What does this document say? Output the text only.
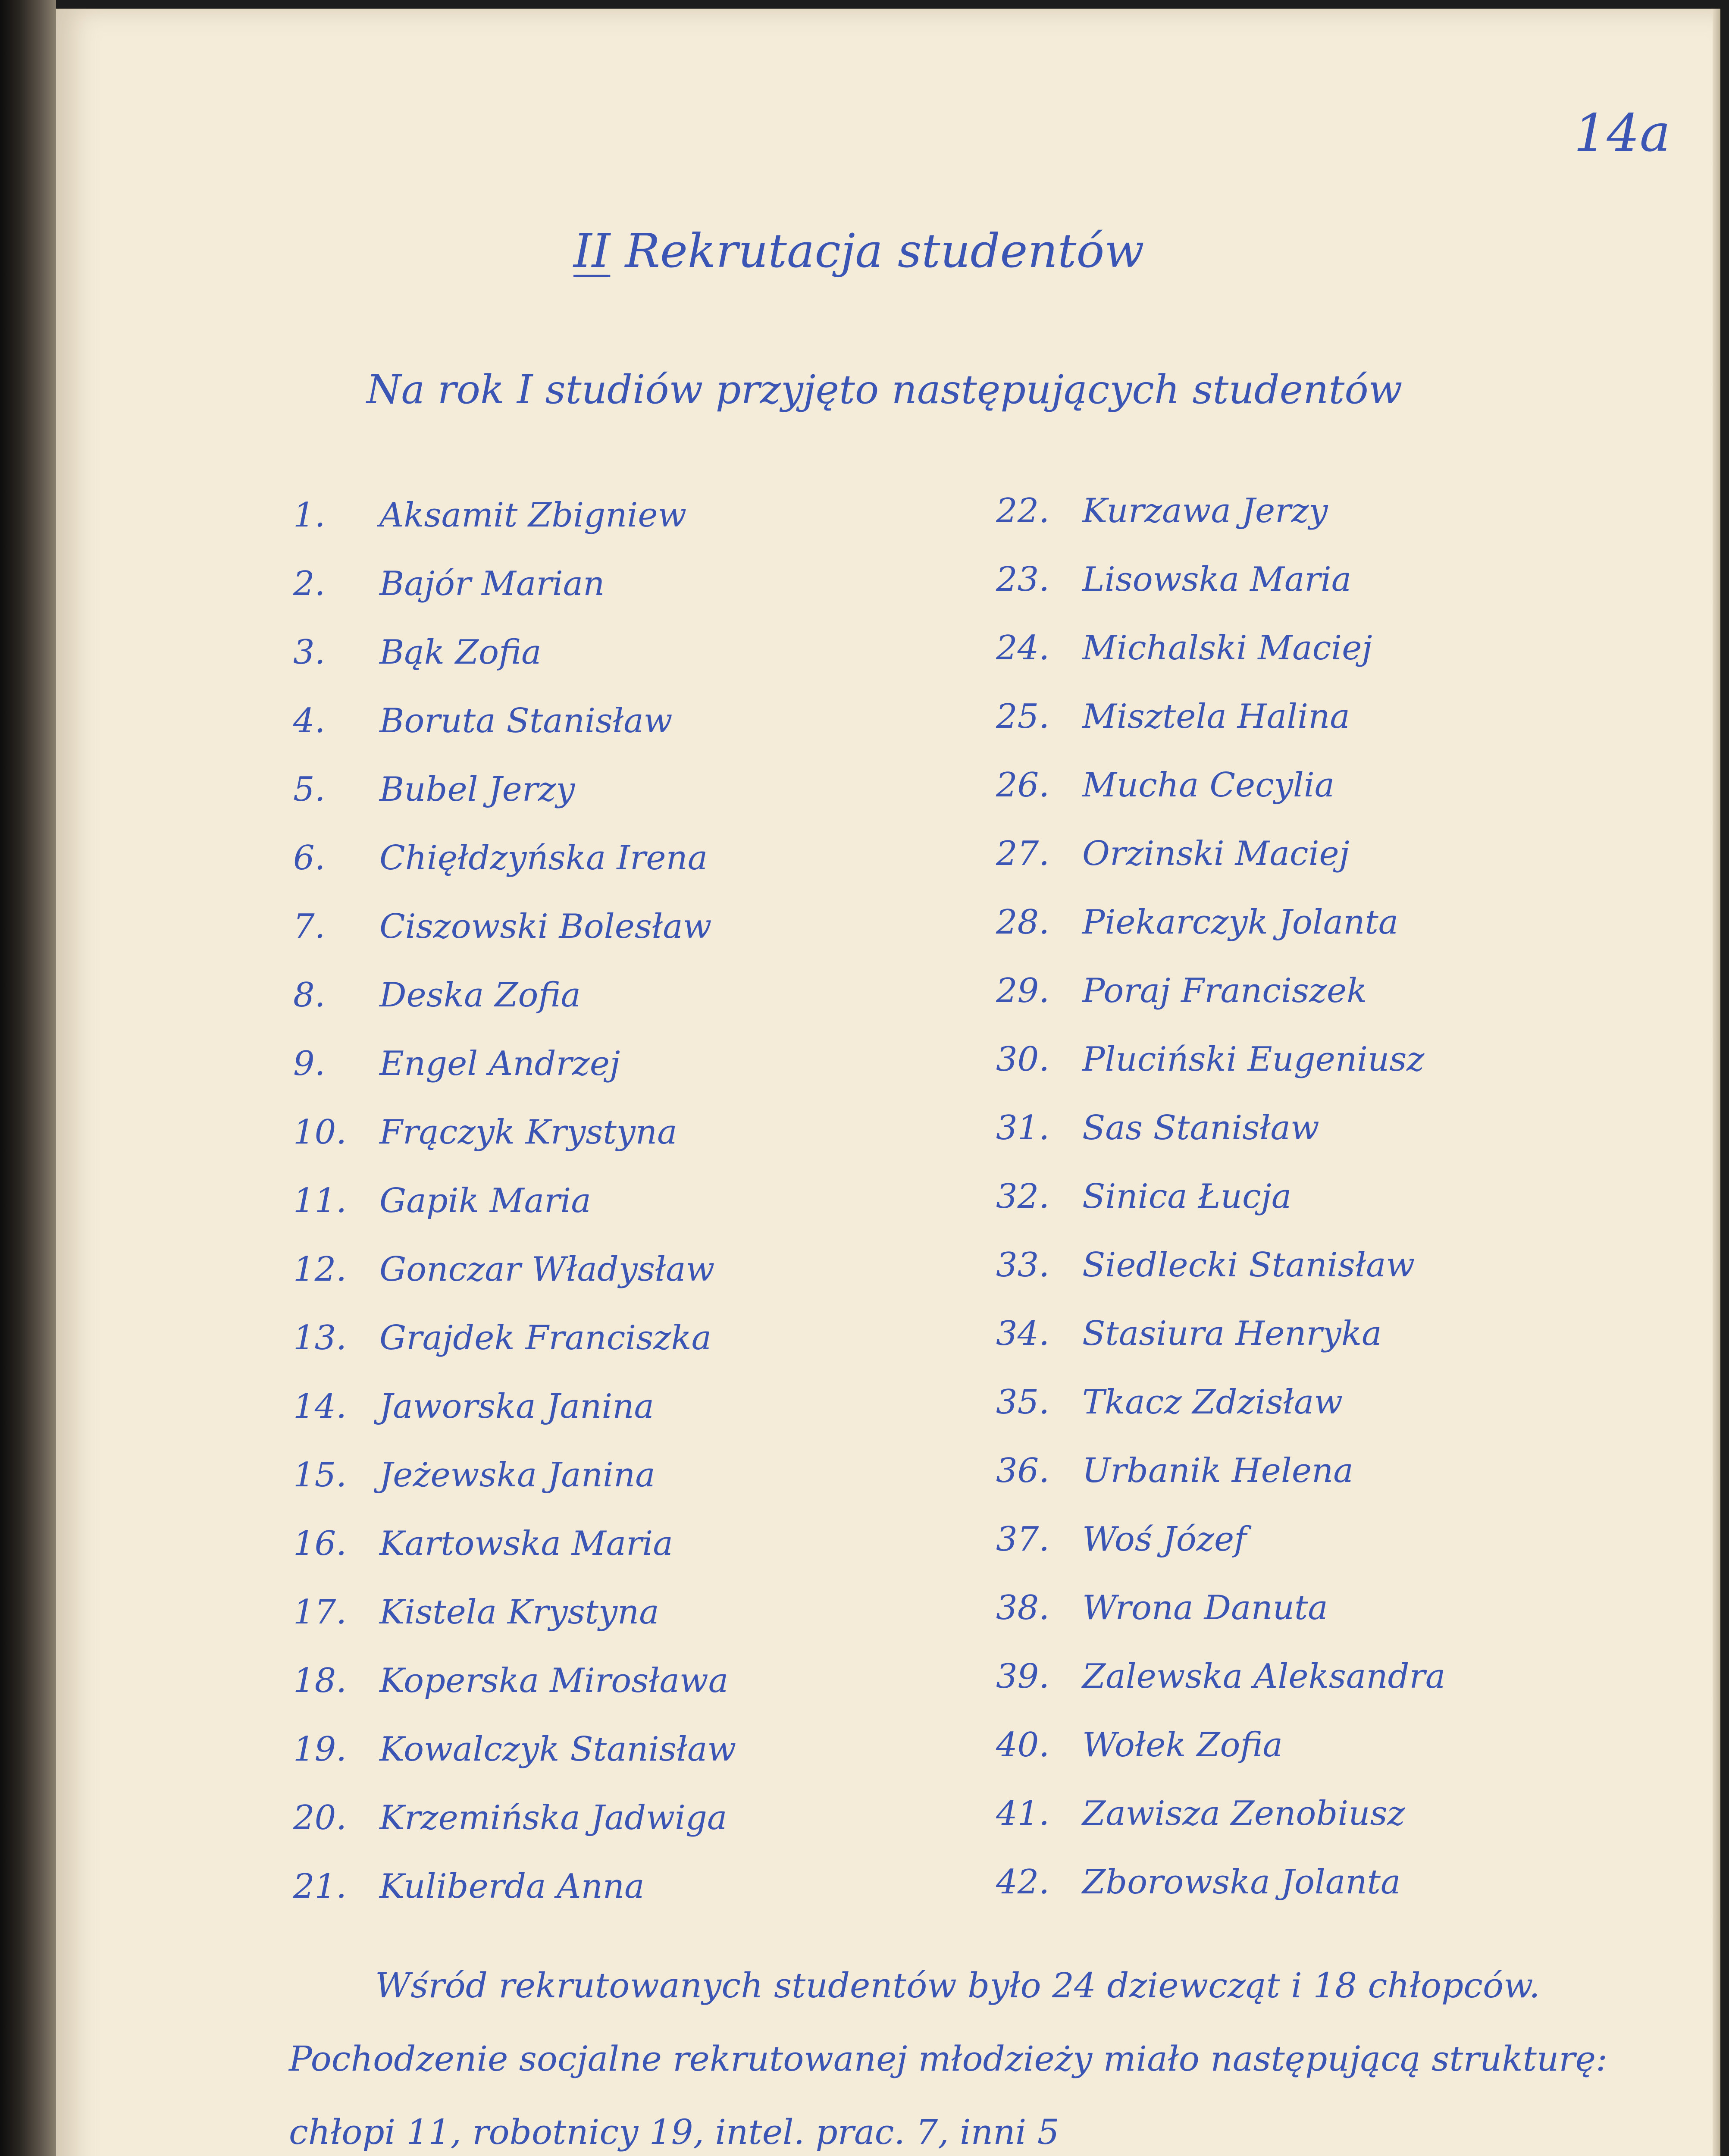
14a
II Rekrutacja studentów
Na rok I studiów przyjęto następujących studentów
1. Aksamit Zbigniew
2. Bajór Marian
3. Bąk Zofia
4. Boruta Stanisław
5. Bubel Jerzy
6. Chięłdzyńska Irena
7. Ciszowski Bolesław
8. Deska Zofia
9. Engel Andrzej
10. Frączyk Krystyna
11. Gapik Maria
12. Gonczar Władysław
13. Grajdek Franciszka
14. Jaworska Janina
15. Jeżewska Janina
16. Kartowska Maria
17. Kistela Krystyna
18. Koperska Mirosława
19. Kowalczyk Stanisław
20. Krzemińska Jadwiga
21. Kuliberda Anna
22. Kurzawa Jerzy
23. Lisowska Maria
24. Michalski Maciej
25. Misztela Halina
26. Mucha Cecylia
27. Orzinski Maciej
28. Piekarczyk Jolanta
29. Poraj Franciszek
30. Pluciński Eugeniusz
31. Sas Stanisław
32. Sinica Łucja
33. Siedlecki Stanisław
34. Stasiura Henryka
35. Tkacz Zdzisław
36. Urbanik Helena
37. Woś Józef
38. Wrona Danuta
39. Zalewska Aleksandra
40. Wołek Zofia
41. Zawisza Zenobiusz
42. Zborowska Jolanta

Wśród rekrutowanych studentów było 24 dziewcząt i 18 chłopców. Pochodzenie socjalne rekrutowanej młodzieży miało następującą strukturę: chłopi 11, robotnicy 19, intel. prac. 7, inni 5
